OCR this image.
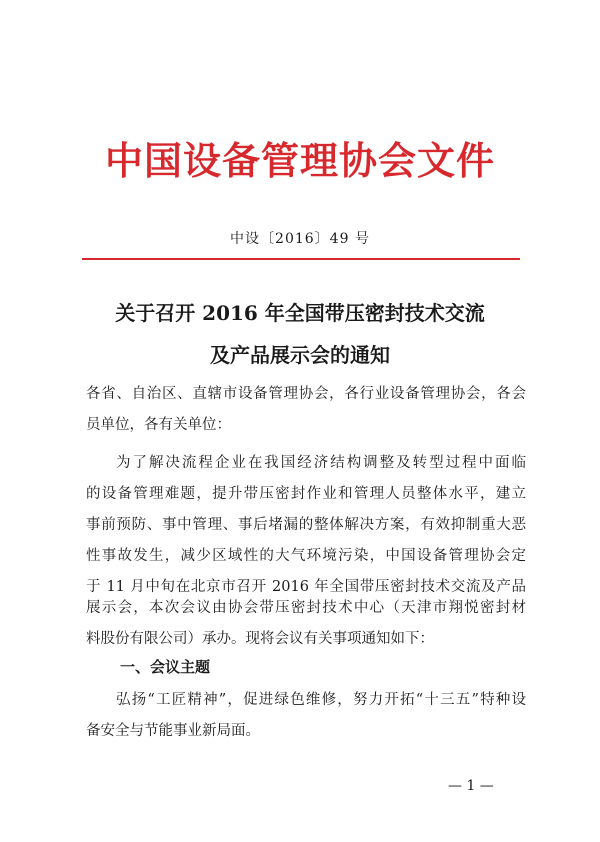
中国设备管理协会文件
中设〔2016〕49 号
关于召开 2016 年全国带压密封技术交流
及产品展示会的通知
各省、自治区、直辖市设备管理协会，各行业设备管理协会，各会
员单位，各有关单位：
为了解决流程企业在我国经济结构调整及转型过程中面临
的设备管理难题，提升带压密封作业和管理人员整体水平，建立
事前预防、事中管理、事后堵漏的整体解决方案，有效抑制重大恶
性事故发生，减少区域性的大气环境污染，中国设备管理协会定
于 11 月中旬在北京市召开 2016 年全国带压密封技术交流及产品
展示会，本次会议由协会带压密封技术中心（天津市翔悦密封材
料股份有限公司）承办。现将会议有关事项通知如下：
一、会议主题
弘扬“工匠精神”，促进绿色维修，努力开拓“十三五”特种设
备安全与节能事业新局面。
— 1 —
